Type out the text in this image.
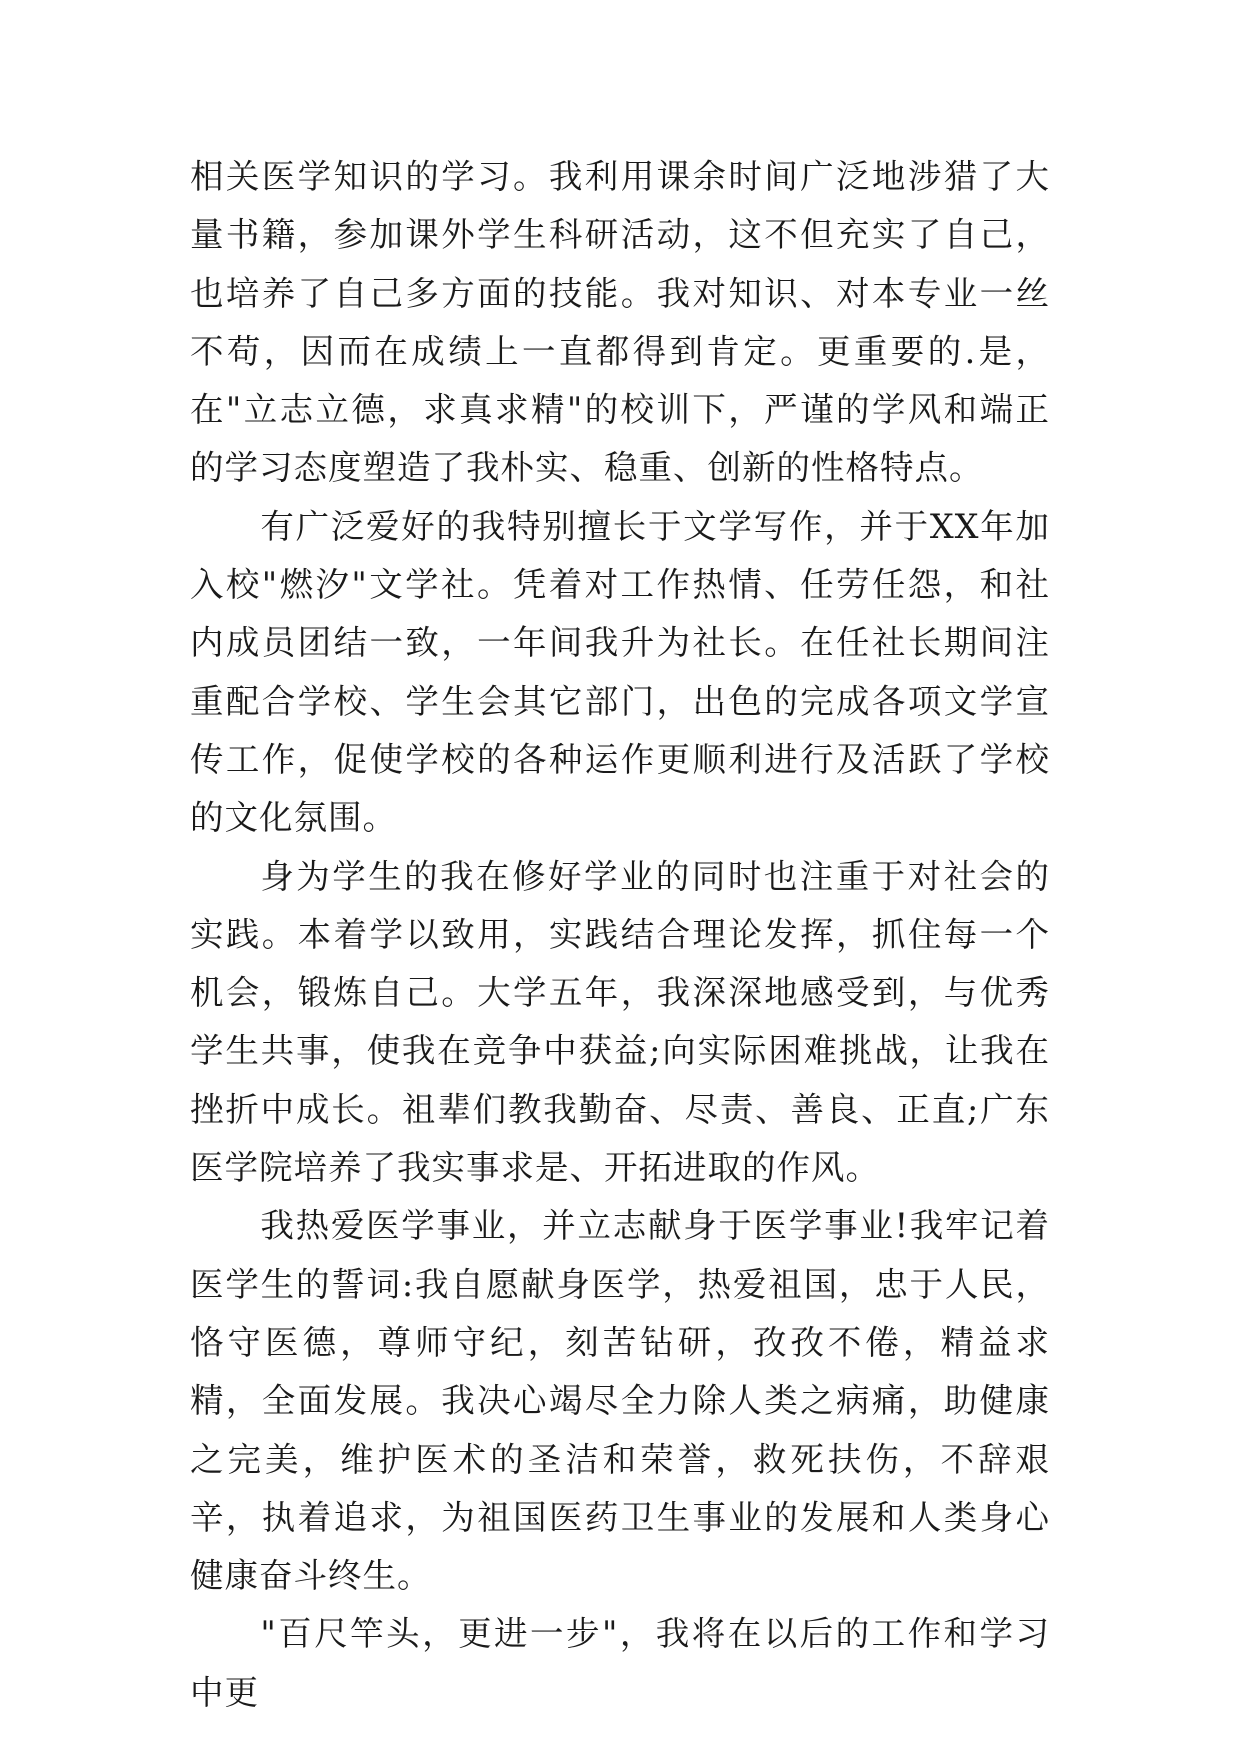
相关医学知识的学习。我利用课余时间广泛地涉猎了大量书籍，参加课外学生科研活动，这不但充实了自己，也培养了自己多方面的技能。我对知识、对本专业一丝不苟，因而在成绩上一直都得到肯定。更重要的.是，在"立志立德，求真求精"的校训下，严谨的学风和端正的学习态度塑造了我朴实、稳重、创新的性格特点。

有广泛爱好的我特别擅长于文学写作，并于XX年加入校"燃汐"文学社。凭着对工作热情、任劳任怨，和社内成员团结一致，一年间我升为社长。在任社长期间注重配合学校、学生会其它部门，出色的完成各项文学宣传工作，促使学校的各种运作更顺利进行及活跃了学校的文化氛围。

身为学生的我在修好学业的同时也注重于对社会的实践。本着学以致用，实践结合理论发挥，抓住每一个机会，锻炼自己。大学五年，我深深地感受到，与优秀学生共事，使我在竞争中获益;向实际困难挑战，让我在挫折中成长。祖辈们教我勤奋、尽责、善良、正直;广东医学院培养了我实事求是、开拓进取的作风。

我热爱医学事业，并立志献身于医学事业!我牢记着医学生的誓词:我自愿献身医学，热爱祖国，忠于人民，恪守医德，尊师守纪，刻苦钻研，孜孜不倦，精益求精，全面发展。我决心竭尽全力除人类之病痛，助健康之完美，维护医术的圣洁和荣誉，救死扶伤，不辞艰辛，执着追求，为祖国医药卫生事业的发展和人类身心健康奋斗终生。

"百尺竿头，更进一步"，我将在以后的工作和学习中更
